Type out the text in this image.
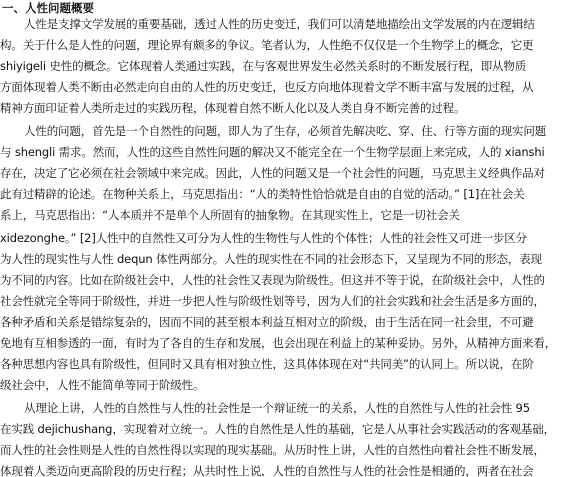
一、人性问题概要
人性是支撑文学发展的重要基础，透过人性的历史变迁，我们可以清楚地描绘出文学发展的内在逻辑结
构。关于什么是人性的问题，理论界有颇多的争议。笔者认为，人性绝不仅仅是一个生物学上的概念，它更
shiyigeli 史性的概念。它体现着人类通过实践，在与客观世界发生必然关系时的不断发展行程，即从物质
方面体现着人类不断由必然走向自由的人性的历史变迁，也反方向地体现着文学不断丰富与发展的过程，从
精神方面印证着人类所走过的实践历程，体现着自然不断人化以及人类自身不断完善的过程。
人性的问题，首先是一个自然性的问题，即人为了生存，必须首先解决吃、穿、住、行等方面的现实问题
与 shengli 需求。然而，人性的这些自然性问题的解决又不能完全在一个生物学层面上来完成，人的 xianshi
存在，决定了它必须在社会领域中来完成。因此，人性的问题又是一个社会性的问题，马克思主义经典作品对
此有过精辟的论述。在物种关系上，马克思指出：“人的类特性恰恰就是自由的自觉的活动。” [1]在社会关
系上，马克思指出：“人本质并不是单个人所固有的抽象物。在其现实性上，它是一切社会关
xidezonghe。” [2]人性中的自然性又可分为人性的生物性与人性的个体性；人性的社会性又可进一步区分
为人性的现实性与人性 dequn 体性两部分。人性的现实性在不同的社会形态下，又呈现为不同的形态，表现
为不同的内容。比如在阶级社会中，人性的社会性又表现为阶级性。但这并不等于说，在阶级社会中，人性的
社会性就完全等同于阶级性，并进一步把人性与阶级性划等号，因为人们的社会实践和社会生活是多方面的，
各种矛盾和关系是错综复杂的，因而不同的甚至根本利益互相对立的阶级，由于生活在同一社会里，不可避
免地有互相参透的一面，有时为了各自的生存和发展，也会出现在利益上的某种妥协。另外，从精神方面来看，
各种思想内容也具有阶级性，但同时又具有相对独立性，这具体体现在对“共同美”的认同上。所以说，在阶
级社会中，人性不能简单等同于阶级性。
从理论上讲，人性的自然性与人性的社会性是一个辩证统一的关系，人性的自然性与人性的社会性 95
在实践 dejichushang，实现着对立统一。人性的自然性是人性的基础，它是人从事社会实践活动的客观基础，
而人性的社会性则是人性的自然性得以实现的现实基础。从历时性上讲，人性的自然性向着社会性不断发展，
体现着人类迈向更高阶段的历史行程；从共时性上说，人性的自然性与人性的社会性是相通的，两者在社会
